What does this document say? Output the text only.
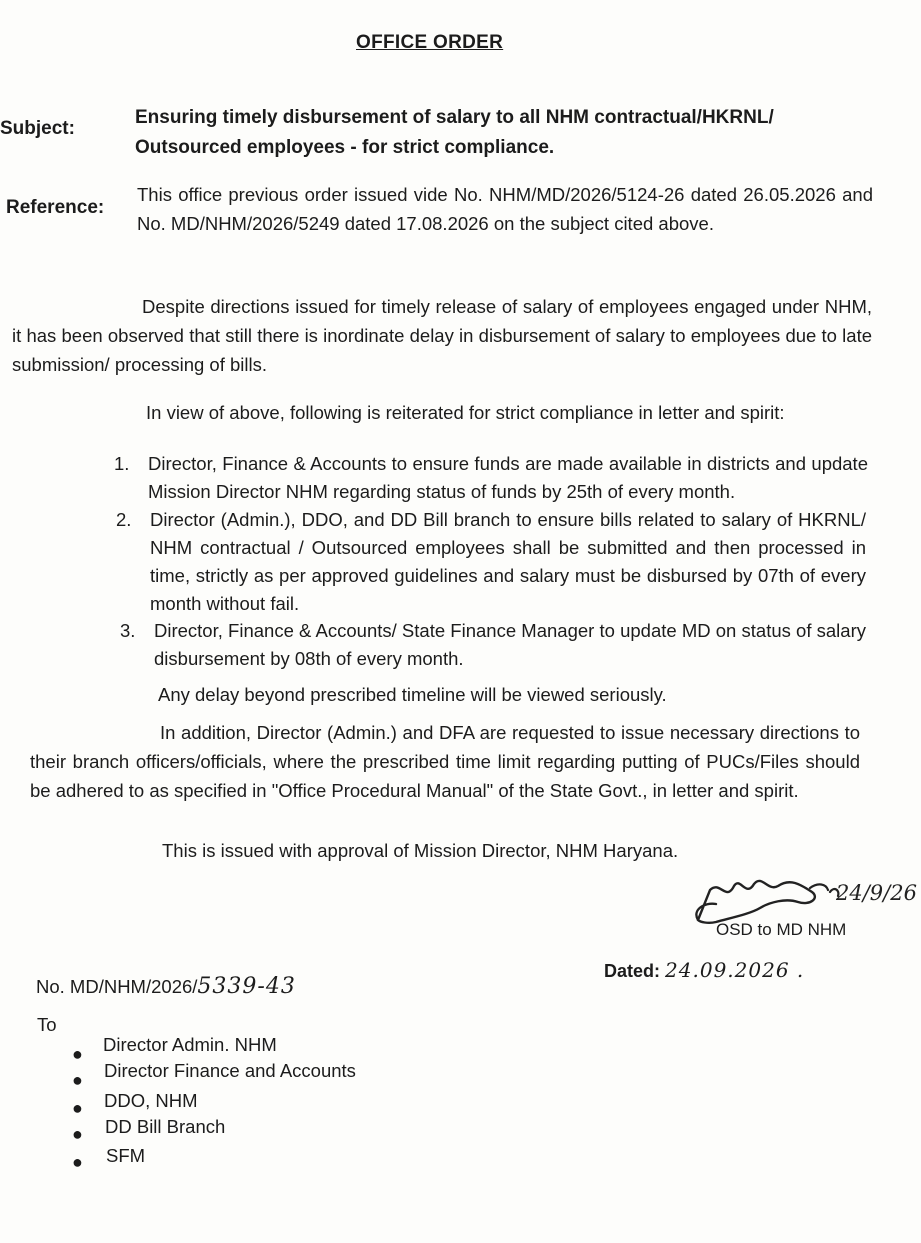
OFFICE ORDER
Subject:
Ensuring timely disbursement of salary to all NHM contractual/HKRNL/ Outsourced employees - for strict compliance.
Reference:
This office previous order issued vide No. NHM/MD/2026/5124-26 dated 26.05.2026 and No. MD/NHM/2026/5249 dated 17.08.2026 on the subject cited above.
Despite directions issued for timely release of salary of employees engaged under NHM, it has been observed that still there is inordinate delay in disbursement of salary to employees due to late submission/ processing of bills.
In view of above, following is reiterated for strict compliance in letter and spirit:
1. Director, Finance & Accounts to ensure funds are made available in districts and update Mission Director NHM regarding status of funds by 25th of every month.
2. Director (Admin.), DDO, and DD Bill branch to ensure bills related to salary of HKRNL/ NHM contractual / Outsourced employees shall be submitted and then processed in time, strictly as per approved guidelines and salary must be disbursed by 07th of every month without fail.
3. Director, Finance & Accounts/ State Finance Manager to update MD on status of salary disbursement by 08th of every month.
Any delay beyond prescribed timeline will be viewed seriously.
In addition, Director (Admin.) and DFA are requested to issue necessary directions to their branch officers/officials, where the prescribed time limit regarding putting of PUCs/Files should be adhered to as specified in "Office Procedural Manual" of the State Govt., in letter and spirit.
This is issued with approval of Mission Director, NHM Haryana.
24/9/26
OSD to MD NHM
Dated: 24.09.2026 .
No. MD/NHM/2026/5339-43
To
● Director Admin. NHM
● Director Finance and Accounts
● DDO, NHM
● DD Bill Branch
● SFM
